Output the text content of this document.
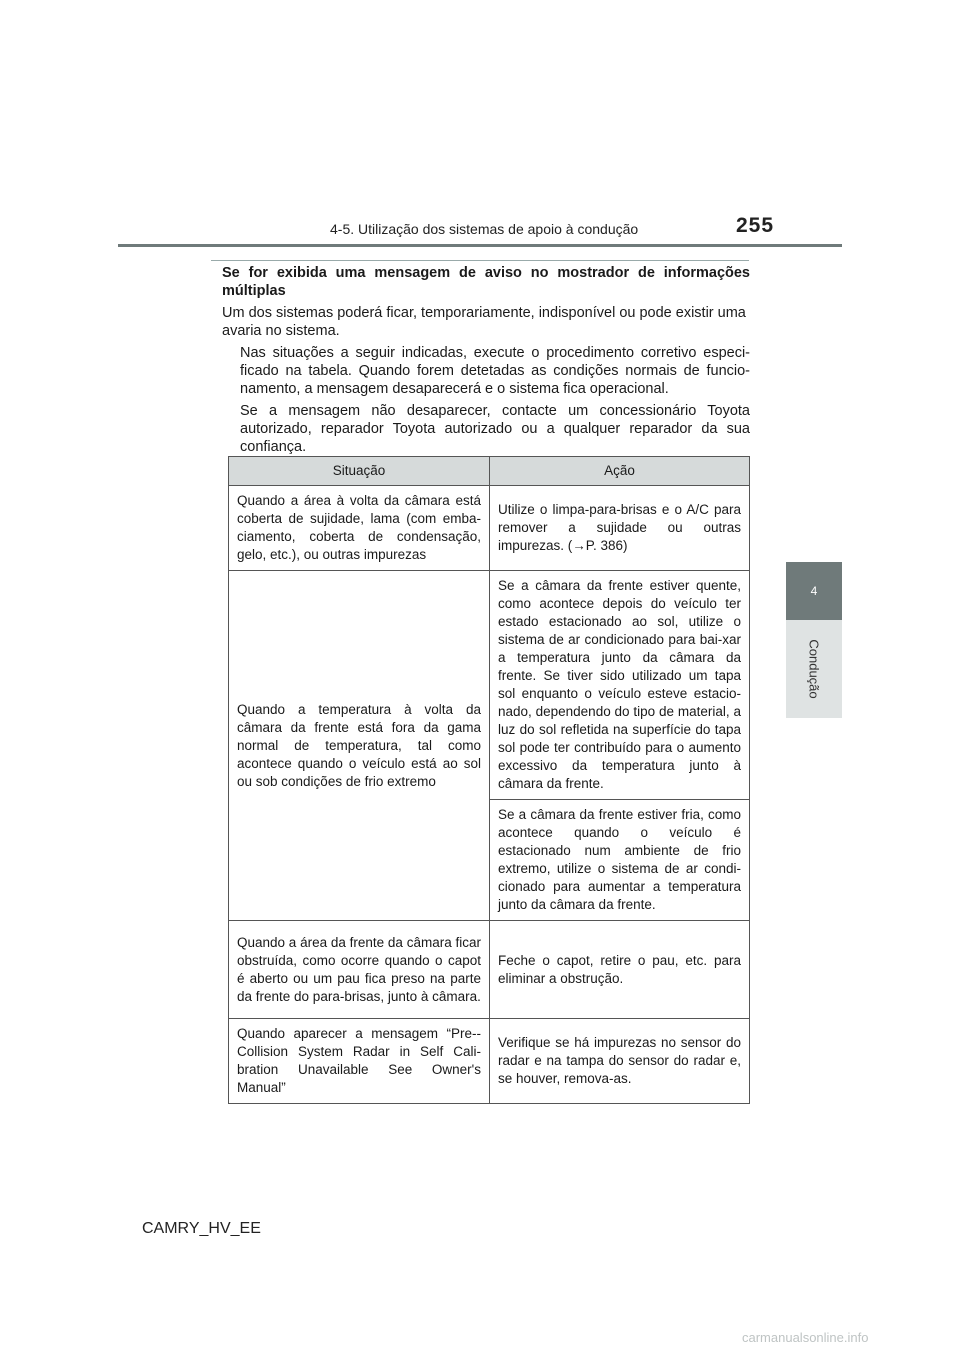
4-5. Utilização dos sistemas de apoio à condução	255
4
Condução

Se for exibida uma mensagem de aviso no mostrador de informações múltiplas

Um dos sistemas poderá ficar, temporariamente, indisponível ou pode existir uma avaria no sistema.

Nas situações a seguir indicadas, execute o procedimento corretivo especi-ficado na tabela. Quando forem detetadas as condições normais de funcio-namento, a mensagem desaparecerá e o sistema fica operacional.

Se a mensagem não desaparecer, contacte um concessionário Toyota autorizado, reparador Toyota autorizado ou a qualquer reparador da sua confiança.

Situação	Ação
Quando a área à volta da câmara está coberta de sujidade, lama (com emba-ciamento, coberta de condensação, gelo, etc.), ou outras impurezas	Utilize o limpa-para-brisas e o A/C para remover a sujidade ou outras impurezas. (→P. 386)
Quando a temperatura à volta da câmara da frente está fora da gama normal de temperatura, tal como acontece quando o veículo está ao sol ou sob condições de frio extremo	Se a câmara da frente estiver quente, como acontece depois do veículo ter estado estacionado ao sol, utilize o sistema de ar condicionado para bai-xar a temperatura junto da câmara da frente. Se tiver sido utilizado um tapa sol enquanto o veículo esteve estacio-nado, dependendo do tipo de material, a luz do sol refletida na superfície do tapa sol pode ter contribuído para o aumento excessivo da temperatura junto à câmara da frente.
	Se a câmara da frente estiver fria, como acontece quando o veículo é estacionado num ambiente de frio extremo, utilize o sistema de ar condi-cionado para aumentar a temperatura junto da câmara da frente.
Quando a área da frente da câmara ficar obstruída, como ocorre quando o capot é aberto ou um pau fica preso na parte da frente do para-brisas, junto à câmara.	Feche o capot, retire o pau, etc. para eliminar a obstrução.
Quando aparecer a mensagem “Pre--Collision System Radar in Self Cali-bration Unavailable See Owner's Manual”	Verifique se há impurezas no sensor do radar e na tampa do sensor do radar e, se houver, remova-as.
CAMRY_HV_EE
carmanualsonline.info
